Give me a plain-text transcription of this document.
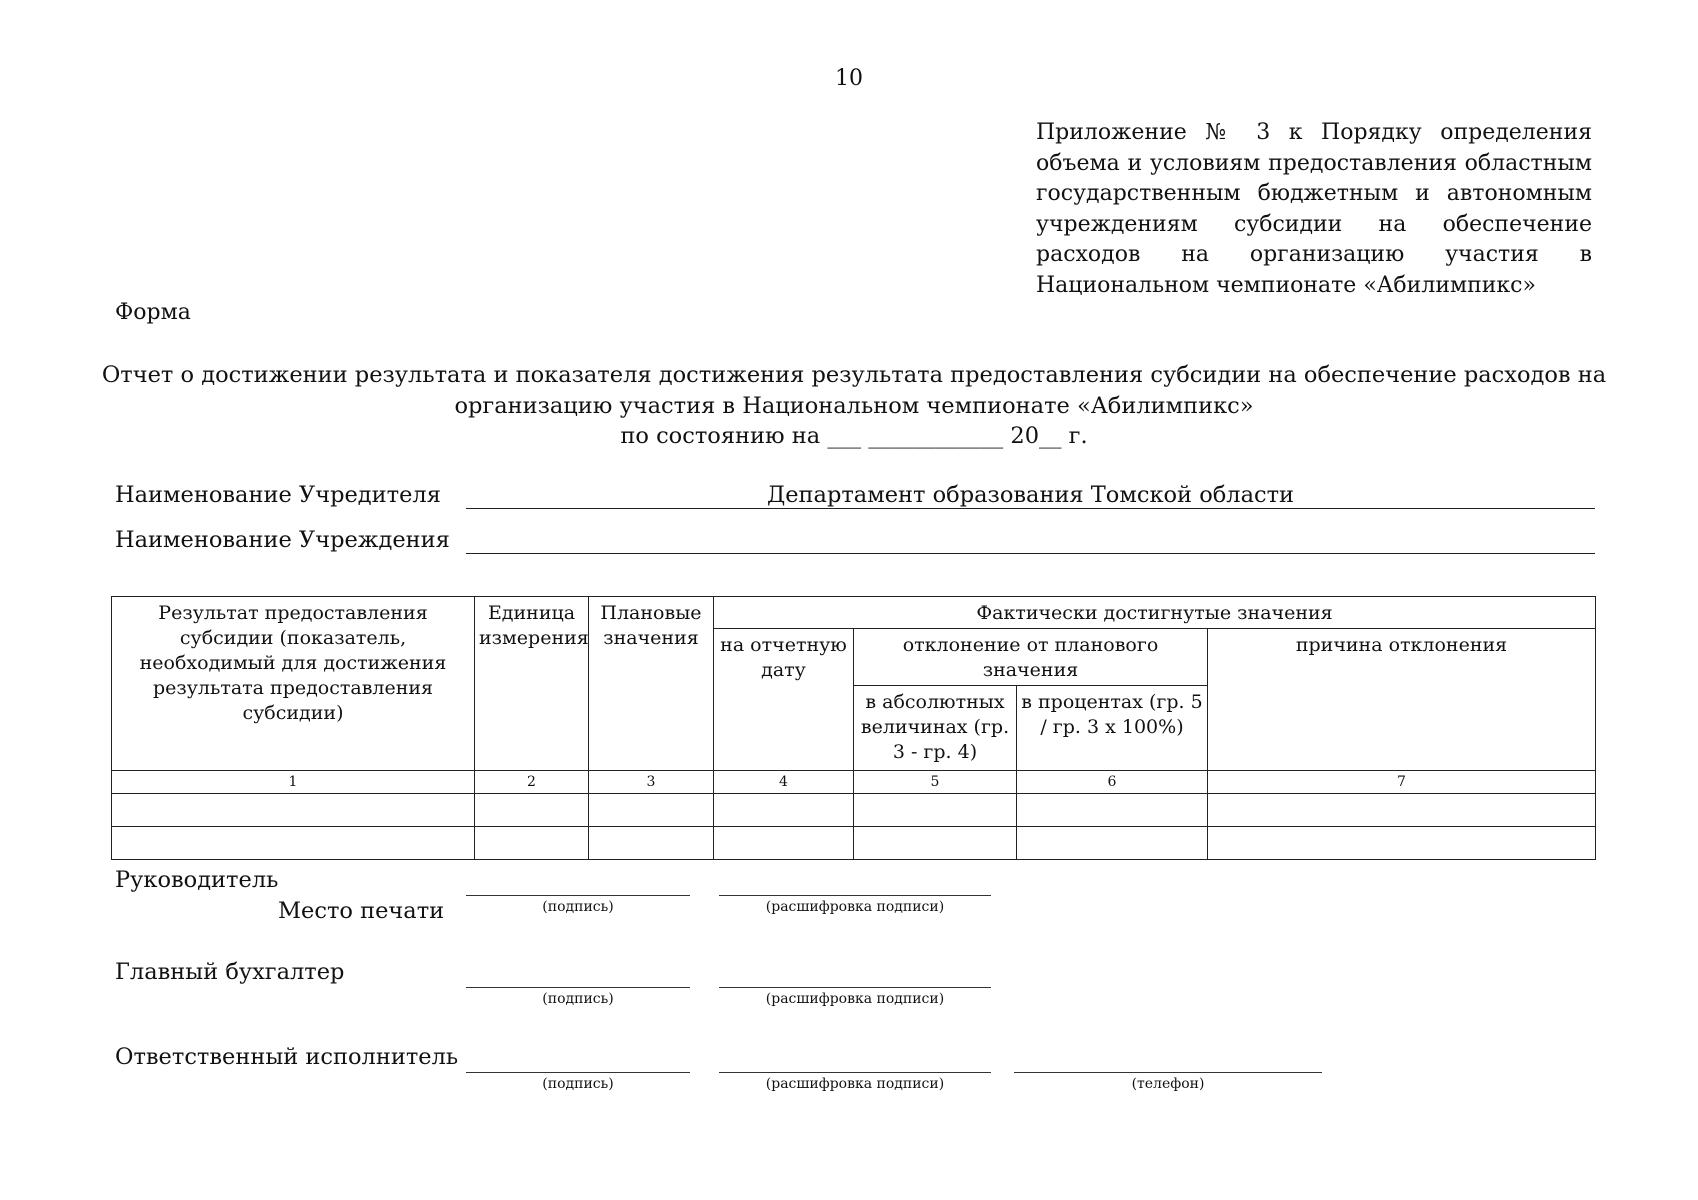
10
Приложение № 3 к Порядку определения объема и условиям предоставления областным государственным бюджетным и автономным учреждениям субсидии на обеспечение расходов на организацию участия в Национальном чемпионате «Абилимпикс»
Форма
Отчет о достижении результата и показателя достижения результата предоставления субсидии на обеспечение расходов на
организацию участия в Национальном чемпионате «Абилимпикс»
по состоянию на ___ ____________ 20__ г.
Наименование Учредителя	Департамент образования Томской области
Наименование Учреждения
Результат предоставления субсидии (показатель, необходимый для достижения результата предоставления субсидии)	Единица измерения	Плановые значения	Фактически достигнутые значения			
			на отчетную дату	отклонение от планового значения		причина отклонения
				в абсолютных величинах (гр. 3 - гр. 4)	в процентах (гр. 5 / гр. 3 x 100%)	
1	2	3	4	5	6	7

Руководитель
Место печати	(подпись)	(расшифровка подписи)
Главный бухгалтер
(подпись)	(расшифровка подписи)
Ответственный исполнитель
(подпись)	(расшифровка подписи)	(телефон)
